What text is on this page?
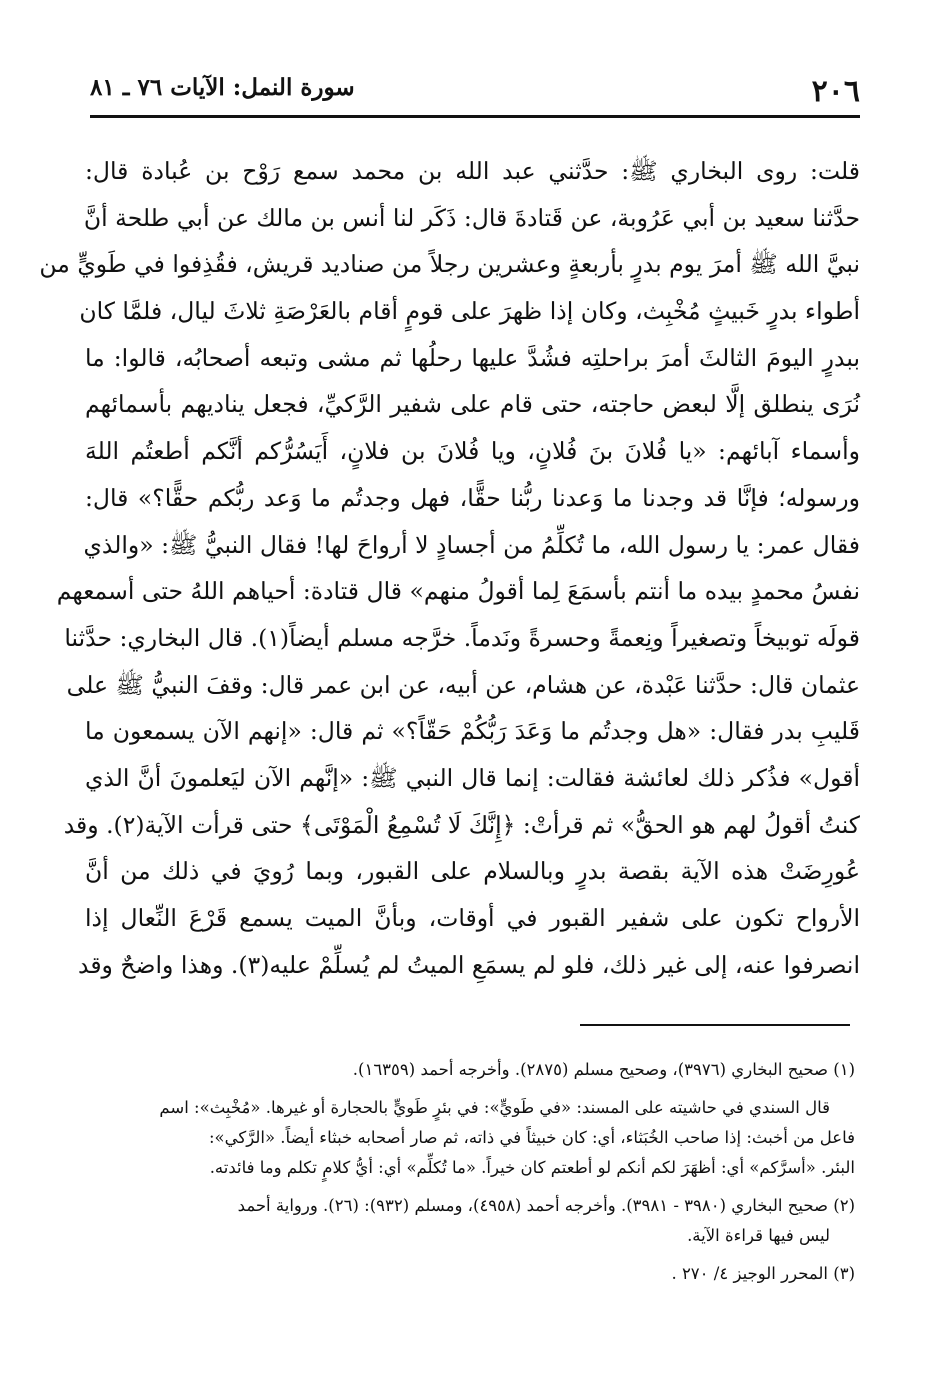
٢٠٦
سورة النمل: الآيات ٧٦ ـ ٨١
قلت: روى البخاري ﷺ: حدَّثني عبد الله بن محمد سمع رَوْح بن عُبادة قال:
حدَّثنا سعيد بن أبي عَرُوبة، عن قَتادةَ قال: ذَكَر لنا أنس بن مالك عن أبي طلحة أنَّ
نبيَّ الله ﷺ أمرَ يوم بدرٍ بأربعةٍ وعشرين رجلاً من صناديد قريش، فقُذِفوا في طَويٍّ من
أطواء بدرٍ خَبيثٍ مُخْبِث، وكان إذا ظهرَ على قومٍ أقام بالعَرْصَةِ ثلاثَ ليال، فلمَّا كان
ببدرٍ اليومَ الثالثَ أمرَ براحلتِه فشُدَّ عليها رحلُها ثم مشى وتبعه أصحابُه، قالوا: ما
نُرَى ينطلق إلَّا لبعض حاجته، حتى قام على شفير الرَّكيِّ، فجعل يناديهم بأسمائهم
وأسماء آبائهم: «يا فُلانَ بنَ فُلانٍ، ويا فُلانَ بن فلانٍ، أَيَسُرُّكم أنَّكم أطعتُم اللهَ
ورسوله؛ فإنَّا قد وجدنا ما وَعدنا ربُّنا حقًّا، فهل وجدتُم ما وَعد ربُّكم حقًّا؟» قال:
فقال عمر: يا رسول الله، ما تُكلِّمُ من أجسادٍ لا أرواحَ لها! فقال النبيُّ ﷺ: «والذي
نفسُ محمدٍ بيده ما أنتم بأسمَعَ لِما أقولُ منهم» قال قتادة: أحياهم اللهُ حتى أسمعهم
قولَه توبيخاً وتصغيراً ونِعمةً وحسرةً ونَدماً. خرَّجه مسلم أيضاً(١). قال البخاري: حدَّثنا
عثمان قال: حدَّثنا عَبْدة، عن هشام، عن أبيه، عن ابن عمر قال: وقفَ النبيُّ ﷺ على
قَليبِ بدر فقال: «هل وجدتُم ما وَعَدَ رَبُّكُمْ حَقّاً؟» ثم قال: «إنهم الآن يسمعون ما
أقول» فذُكر ذلك لعائشة فقالت: إنما قال النبي ﷺ: «إنَّهم الآن ليَعلمونَ أنَّ الذي
كنتُ أقولُ لهم هو الحقُّ» ثم قرأتْ: ﴿إِنَّكَ لَا تُسْمِعُ الْمَوْتَى﴾ حتى قرأت الآية(٢). وقد
عُورِضَتْ هذه الآية بقصة بدرٍ وبالسلام على القبور، وبما رُويَ في ذلك من أنَّ
الأرواح تكون على شفير القبور في أوقات، وبأنَّ الميت يسمع قَرْعَ النِّعال إذا
انصرفوا عنه، إلى غير ذلك، فلو لم يسمَعِ الميتُ لم يُسلِّمْ عليه(٣). وهذا واضحٌ وقد
(١) صحيح البخاري (٣٩٧٦)، وصحيح مسلم (٢٨٧٥). وأخرجه أحمد (١٦٣٥٩).
قال السندي في حاشيته على المسند: «في طَويٍّ»: في بئرٍ طَويٍّ بالحجارة أو غيرها. «مُخْبِث»: اسم
فاعل من أخبث: إذا صاحب الخُبَثاء، أي: كان خبيثاً في ذاته، ثم صار أصحابه خبثاء أيضاً. «الرَّكي»:
البئر. «أسرَّكم» أي: أظهَرَ لكم أنكم لو أطعتم كان خيراً. «ما تُكلِّم» أي: أيُّ كلامٍ تكلم وما فائدته.
(٢) صحيح البخاري (٣٩٨٠ - ٣٩٨١). وأخرجه أحمد (٤٩٥٨)، ومسلم (٩٣٢): (٢٦). ورواية أحمد
ليس فيها قراءة الآية.
(٣) المحرر الوجيز ٤/ ٢٧٠ .
